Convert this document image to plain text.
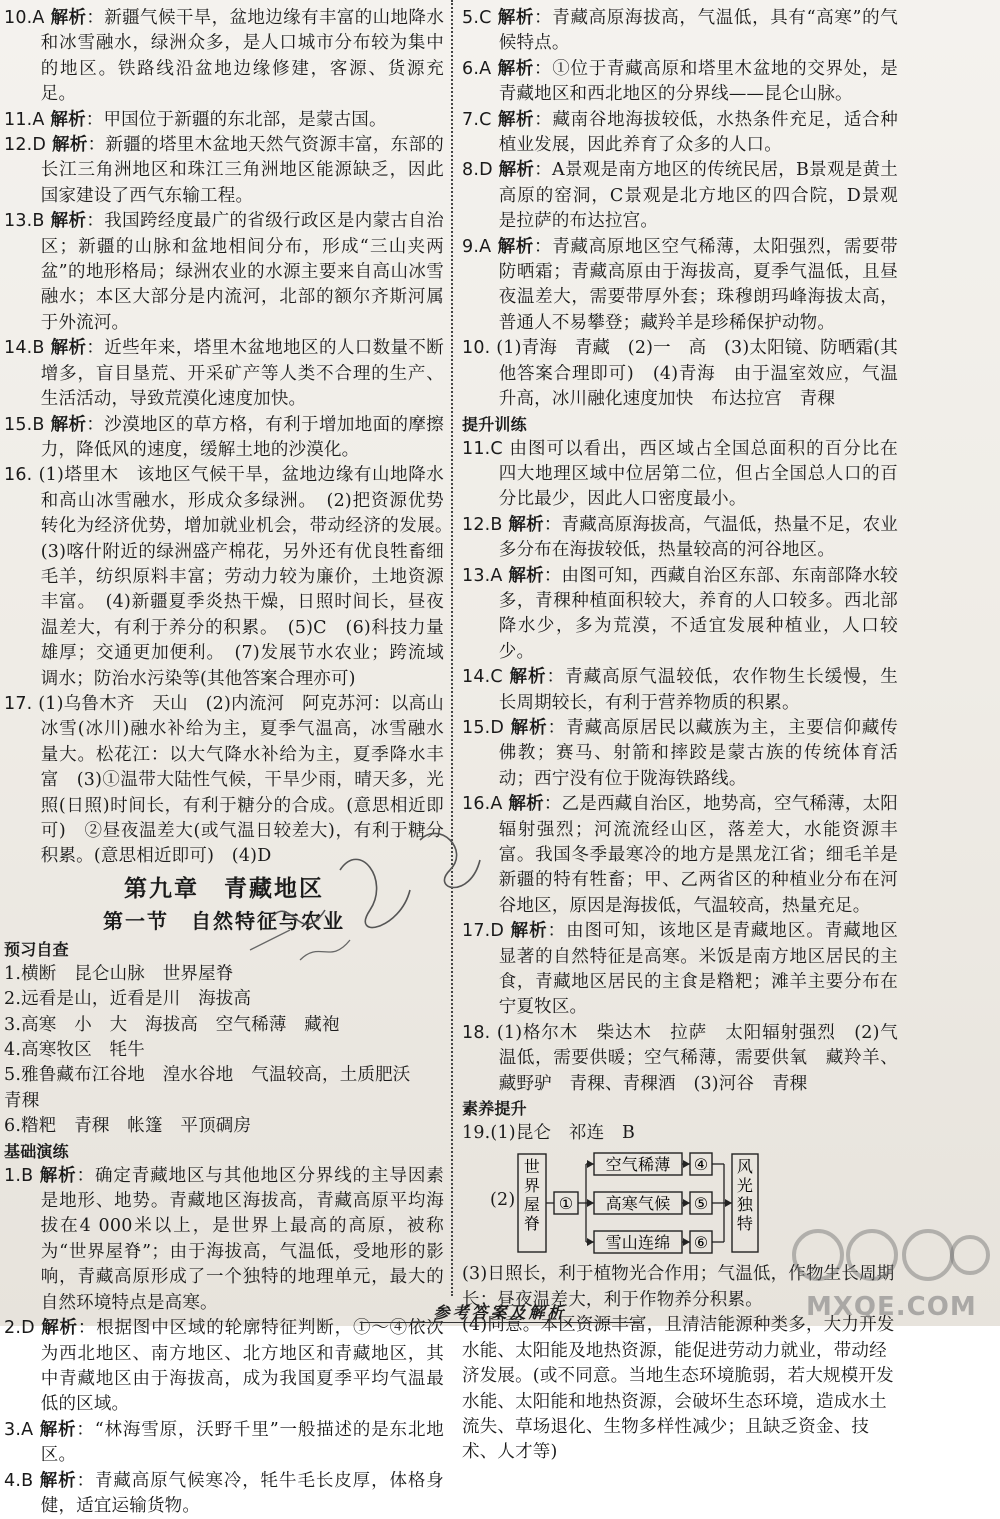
10.A 解析：新疆气候干旱，盆地边缘有丰富的山地降水和冰雪融水，绿洲众多，是人口城市分布较为集中的地区。铁路线沿盆地边缘修建，客源、货源充足。
11.A 解析：甲国位于新疆的东北部，是蒙古国。
12.D 解析：新疆的塔里木盆地天然气资源丰富，东部的长江三角洲地区和珠江三角洲地区能源缺乏，因此国家建设了西气东输工程。
13.B 解析：我国跨经度最广的省级行政区是内蒙古自治区；新疆的山脉和盆地相间分布，形成“三山夹两盆”的地形格局；绿洲农业的水源主要来自高山冰雪融水；本区大部分是内流河，北部的额尔齐斯河属于外流河。
14.B 解析：近些年来，塔里木盆地地区的人口数量不断增多，盲目垦荒、开采矿产等人类不合理的生产、生活活动，导致荒漠化速度加快。
15.B 解析：沙漠地区的草方格，有利于增加地面的摩擦力，降低风的速度，缓解土地的沙漠化。
16. (1)塔里木　该地区气候干旱，盆地边缘有山地降水和高山冰雪融水，形成众多绿洲。　(2)把资源优势转化为经济优势，增加就业机会，带动经济的发展。　(3)喀什附近的绿洲盛产棉花，另外还有优良牲畜细毛羊，纺织原料丰富；劳动力较为廉价，土地资源丰富。　(4)新疆夏季炎热干燥，日照时间长，昼夜温差大，有利于养分的积累。　(5)C　(6)科技力量雄厚；交通更加便利。　(7)发展节水农业；跨流域调水；防治水污染等(其他答案合理亦可)
17. (1)乌鲁木齐　天山　(2)内流河　阿克苏河：以高山冰雪(冰川)融水补给为主，夏季气温高，冰雪融水量大。松花江：以大气降水补给为主，夏季降水丰富　(3)①温带大陆性气候，干旱少雨，晴天多，光照(日照)时间长，有利于糖分的合成。(意思相近即可)　②昼夜温差大(或气温日较差大)，有利于糖分积累。(意思相近即可)　(4)D
第九章　青藏地区
第一节　自然特征与农业
预习自查
1.横断　昆仑山脉　世界屋脊
2.远看是山，近看是川　海拔高
3.高寒　小　大　海拔高　空气稀薄　藏袍
4.高寒牧区　牦牛
5.雅鲁藏布江谷地　湟水谷地　气温较高，土质肥沃　青稞
6.糌粑　青稞　帐篷　平顶碉房
基础演练
1.B 解析：确定青藏地区与其他地区分界线的主导因素是地形、地势。青藏地区海拔高，青藏高原平均海拔在4 000米以上，是世界上最高的高原，被称为“世界屋脊”；由于海拔高，气温低，受地形的影响，青藏高原形成了一个独特的地理单元，最大的自然环境特点是高寒。
2.D 解析：根据图中区域的轮廓特征判断，①～④依次为西北地区、南方地区、北方地区和青藏地区，其中青藏地区由于海拔高，成为我国夏季平均气温最低的区域。
3.A 解析：“林海雪原，沃野千里”一般描述的是东北地区。
4.B 解析：青藏高原气候寒冷，牦牛毛长皮厚，体格身健，适宜运输货物。
5.C 解析：青藏高原海拔高，气温低，具有“高寒”的气候特点。
6.A 解析：①位于青藏高原和塔里木盆地的交界处，是青藏地区和西北地区的分界线——昆仑山脉。
7.C 解析：藏南谷地海拔较低，水热条件充足，适合种植业发展，因此养育了众多的人口。
8.D 解析：A景观是南方地区的传统民居，B景观是黄土高原的窑洞，C景观是北方地区的四合院，D景观是拉萨的布达拉宫。
9.A 解析：青藏高原地区空气稀薄，太阳强烈，需要带防晒霜；青藏高原由于海拔高，夏季气温低，且昼夜温差大，需要带厚外套；珠穆朗玛峰海拔太高，普通人不易攀登；藏羚羊是珍稀保护动物。
10. (1)青海　青藏　(2)一　高　(3)太阳镜、防晒霜(其他答案合理即可)　(4)青海　由于温室效应，气温升高，冰川融化速度加快　布达拉宫　青稞
提升训练
11.C 由图可以看出，西区域占全国总面积的百分比在四大地理区域中位居第二位，但占全国总人口的百分比最少，因此人口密度最小。
12.B 解析：青藏高原海拔高，气温低，热量不足，农业多分布在海拔较低，热量较高的河谷地区。
13.A 解析：由图可知，西藏自治区东部、东南部降水较多，青稞种植面积较大，养育的人口较多。西北部降水少，多为荒漠，不适宜发展种植业，人口较少。
14.C 解析：青藏高原气温较低，农作物生长缓慢，生长周期较长，有利于营养物质的积累。
15.D 解析：青藏高原居民以藏族为主，主要信仰藏传佛教；赛马、射箭和摔跤是蒙古族的传统体育活动；西宁没有位于陇海铁路线。
16.A 解析：乙是西藏自治区，地势高，空气稀薄，太阳辐射强烈；河流流经山区，落差大，水能资源丰富。我国冬季最寒冷的地方是黑龙江省；细毛羊是新疆的特有牲畜；甲、乙两省区的种植业分布在河谷地区，原因是海拔低，气温较高，热量充足。
17.D 解析：由图可知，该地区是青藏地区。青藏地区显著的自然特征是高寒。米饭是南方地区居民的主食，青藏地区居民的主食是糌粑；滩羊主要分布在宁夏牧区。
18. (1)格尔木　柴达木　拉萨　太阳辐射强烈　(2)气温低，需要供暖；空气稀薄，需要供氧　藏羚羊、藏野驴　青稞、青稞酒　(3)河谷　青稞
素养提升
19.(1)昆仑　祁连　B
(2)
世界屋脊
①
空气稀薄 ④
高寒气候 ⑤
雪山连绵 ⑥
风光独特
(3)日照长，利于植物光合作用；气温低，作物生长周期长；昼夜温差大，利于作物养分积累。
(4)同意。本区资源丰富，且清洁能源种类多，大力开发水能、太阳能及地热资源，能促进劳动力就业，带动经济发展。(或不同意。当地生态环境脆弱，若大规模开发水能、太阳能和地热资源，会破坏生态环境，造成水土流失、草场退化、生物多样性减少；且缺乏资金、技术、人才等)
MXQE.COM
参考答案及解析
